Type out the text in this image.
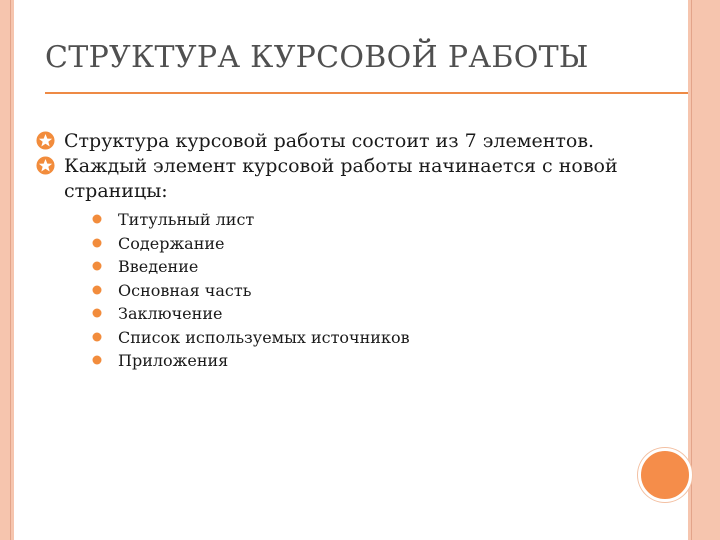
СТРУКТУРА КУРСОВОЙ РАБОТЫ
Структура курсовой работы состоит из 7 элементов.
Каждый элемент курсовой работы начинается с новой страницы:
Титульный лист
Содержание
Введение
Основная часть
Заключение
Список используемых источников
Приложения
